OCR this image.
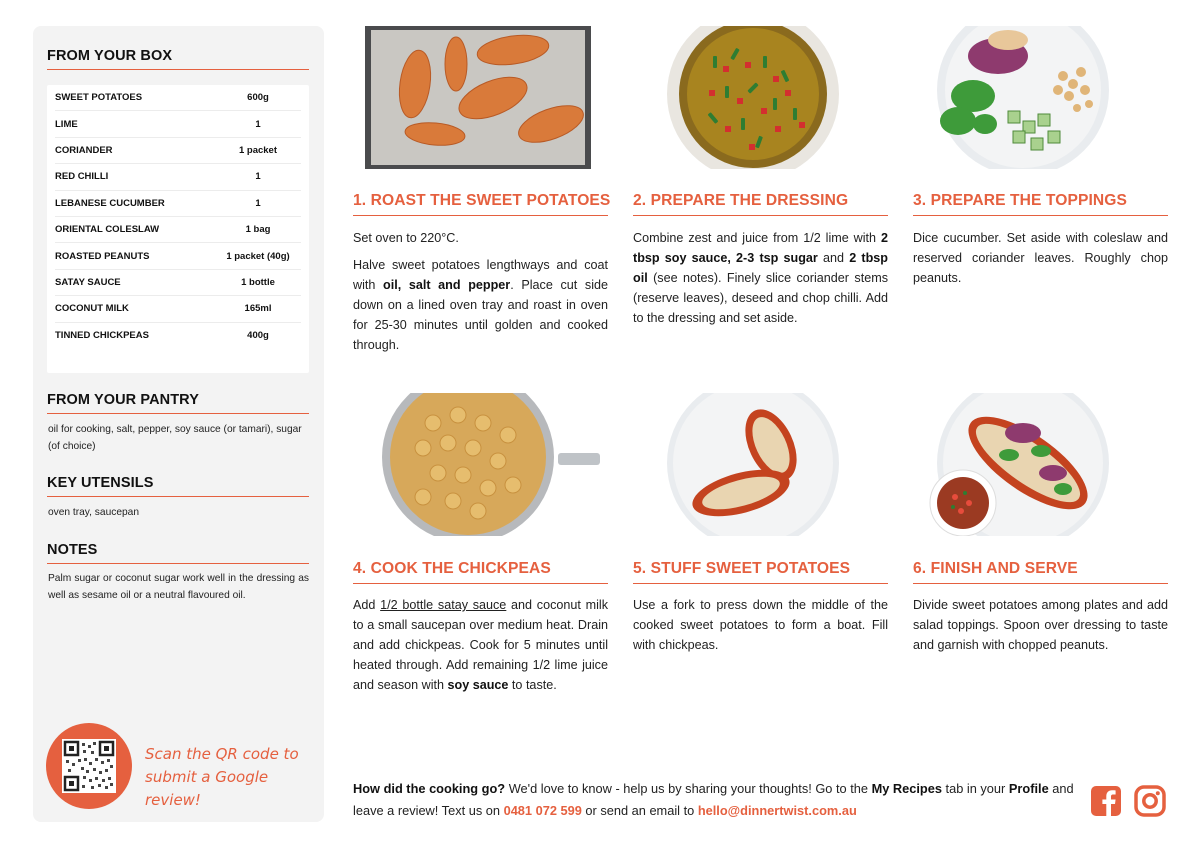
FROM YOUR BOX
SWEET POTATOES	600g
LIME	1
CORIANDER	1 packet
RED CHILLI	1
LEBANESE CUCUMBER	1
ORIENTAL COLESLAW	1 bag
ROASTED PEANUTS	1 packet (40g)
SATAY SAUCE	1 bottle
COCONUT MILK	165ml
TINNED CHICKPEAS	400g
FROM YOUR PANTRY
oil for cooking, salt, pepper, soy sauce (or tamari), sugar (of choice)
KEY UTENSILS
oven tray, saucepan
NOTES
Palm sugar or coconut sugar work well in the dressing as well as sesame oil or a neutral flavoured oil.
Scan the QR code to
submit a Google review!
1. ROAST THE SWEET POTATOES
Set oven to 220°C.
Halve sweet potatoes lengthways and coat with oil, salt and pepper. Place cut side down on a lined oven tray and roast in oven for 25-30 minutes until golden and cooked through.
2. PREPARE THE DRESSING
Combine zest and juice from 1/2 lime with 2 tbsp soy sauce, 2-3 tsp sugar and 2 tbsp oil (see notes). Finely slice coriander stems (reserve leaves), deseed and chop chilli. Add to the dressing and set aside.
3. PREPARE THE TOPPINGS
Dice cucumber. Set aside with coleslaw and reserved coriander leaves. Roughly chop peanuts.
4. COOK THE CHICKPEAS
Add 1/2 bottle satay sauce and coconut milk to a small saucepan over medium heat. Drain and add chickpeas. Cook for 5 minutes until heated through. Add remaining 1/2 lime juice and season with soy sauce to taste.
5. STUFF SWEET POTATOES
Use a fork to press down the middle of the cooked sweet potatoes to form a boat. Fill with chickpeas.
6. FINISH AND SERVE
Divide sweet potatoes among plates and add salad toppings. Spoon over dressing to taste and garnish with chopped peanuts.
How did the cooking go? We'd love to know - help us by sharing your thoughts! Go to the My Recipes tab in your Profile and leave a review! Text us on 0481 072 599 or send an email to hello@dinnertwist.com.au
